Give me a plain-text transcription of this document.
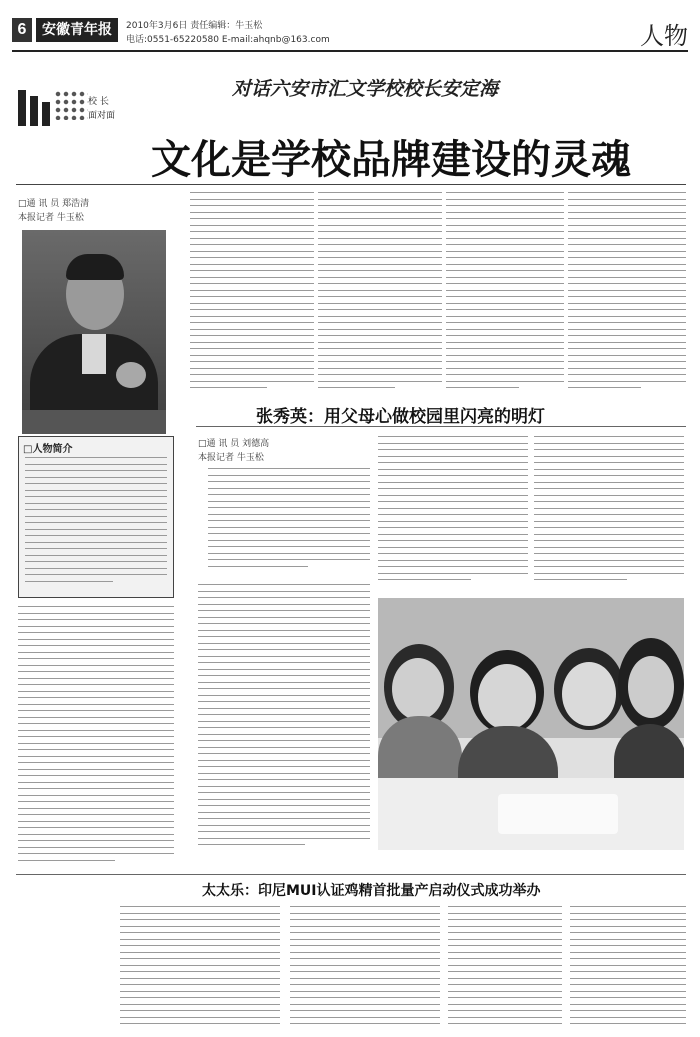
6	安徽青年报	2010年3月6日 责任编辑：牛玉松
电话:0551-65220580 E-mail:ahqnb@163.com	人物
校 长
面对面
对话六安市汇文学校校长安定海
文化是学校品牌建设的灵魂
□通 讯 员 郑浩清
本报记者 牛玉松
□人物简介
张秀英：用父母心做校园里闪亮的明灯
□通 讯 员 刘德高
本报记者 牛玉松
太太乐：印尼MUI认证鸡精首批量产启动仪式成功举办
